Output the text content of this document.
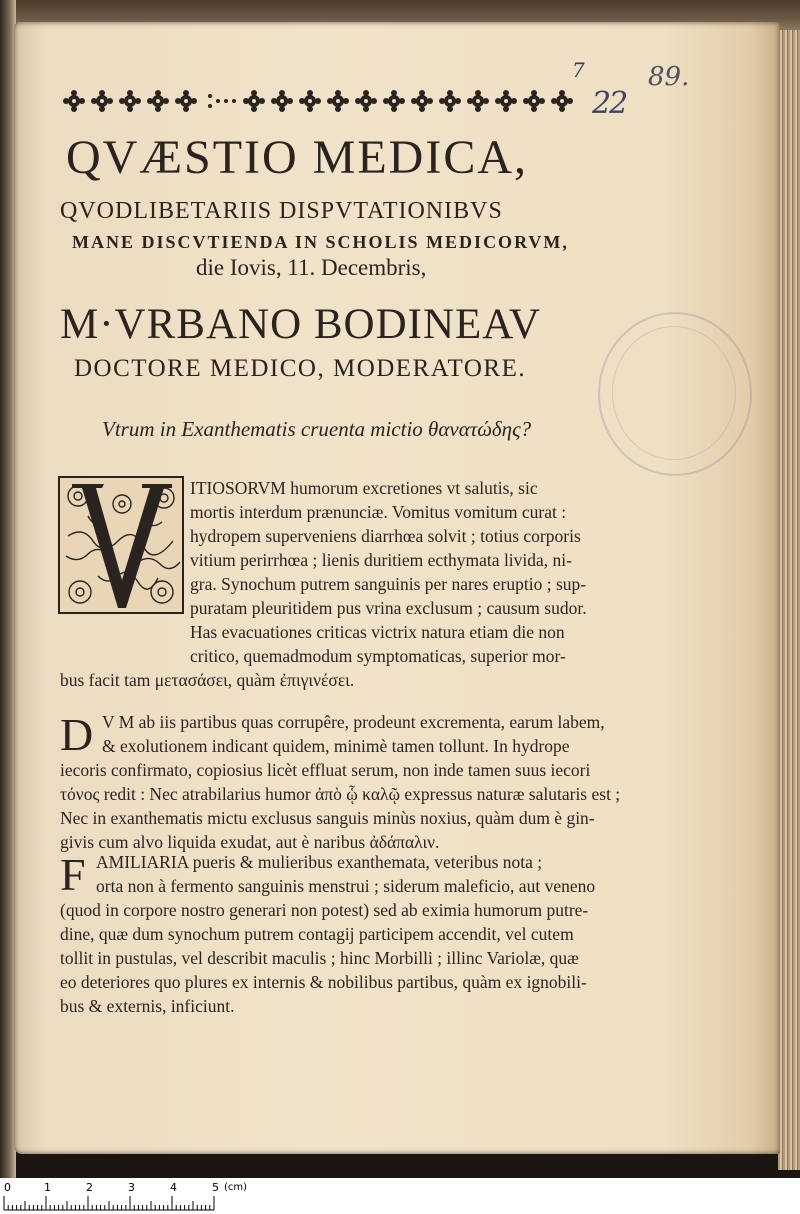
7 89.
22
QVÆSTIO MEDICA,
QVODLIBETARIIS DISPVTATIONIBVS
MANE DISCVTIENDA IN SCHOLIS MEDICORVM,
die Iovis, 11. Decembris,
M·VRBANO BODINEAV
DOCTORE MEDICO, MODERATORE.
Vtrum in Exanthematis cruenta mictio θανατώδης?
ITIOSORVM humorum excretiones vt salutis, sic
mortis interdum prænunciæ. Vomitus vomitum curat :
hydropem superveniens diarrhœa solvit ; totius corporis
vitium perirrhœa ; lienis duritiem ecthymata livida, ni-
gra. Synochum putrem sanguinis per nares eruptio ; sup-
puratam pleuritidem pus vrina exclusum ; causum sudor.
Has evacuationes criticas victrix natura etiam die non
critico, quemadmodum symptomaticas, superior mor-
bus facit tam μετασάσει, quàm ἐπιγινέσει.
D V M ab iis partibus quas corrupêre, prodeunt excrementa, earum labem,
& exolutionem indicant quidem, minimè tamen tollunt. In hydrope
iecoris confirmato, copiosius licèt effluat serum, non inde tamen suus iecori
τόνος redit : Nec atrabilarius humor ἀπὸ ᾧ καλῷ expressus naturæ salutaris est ;
Nec in exanthematis mictu exclusus sanguis minùs noxius, quàm dum è gin-
givis cum alvo liquida exudat, aut è naribus ἀδάπαλιν.
F AMILIARIA pueris & mulieribus exanthemata, veteribus nota ;
orta non à fermento sanguinis menstrui ; siderum maleficio, aut veneno
(quod in corpore nostro generari non potest) sed ab eximia humorum putre-
dine, quæ dum synochum putrem contagij participem accendit, vel cutem
tollit in pustulas, vel describit maculis ; hinc Morbilli ; illinc Variolæ, quæ
eo deteriores quo plures ex internis & nobilibus partibus, quàm ex ignobili-
bus & externis, inficiunt.
0	1	2	3	4	5 (cm)
